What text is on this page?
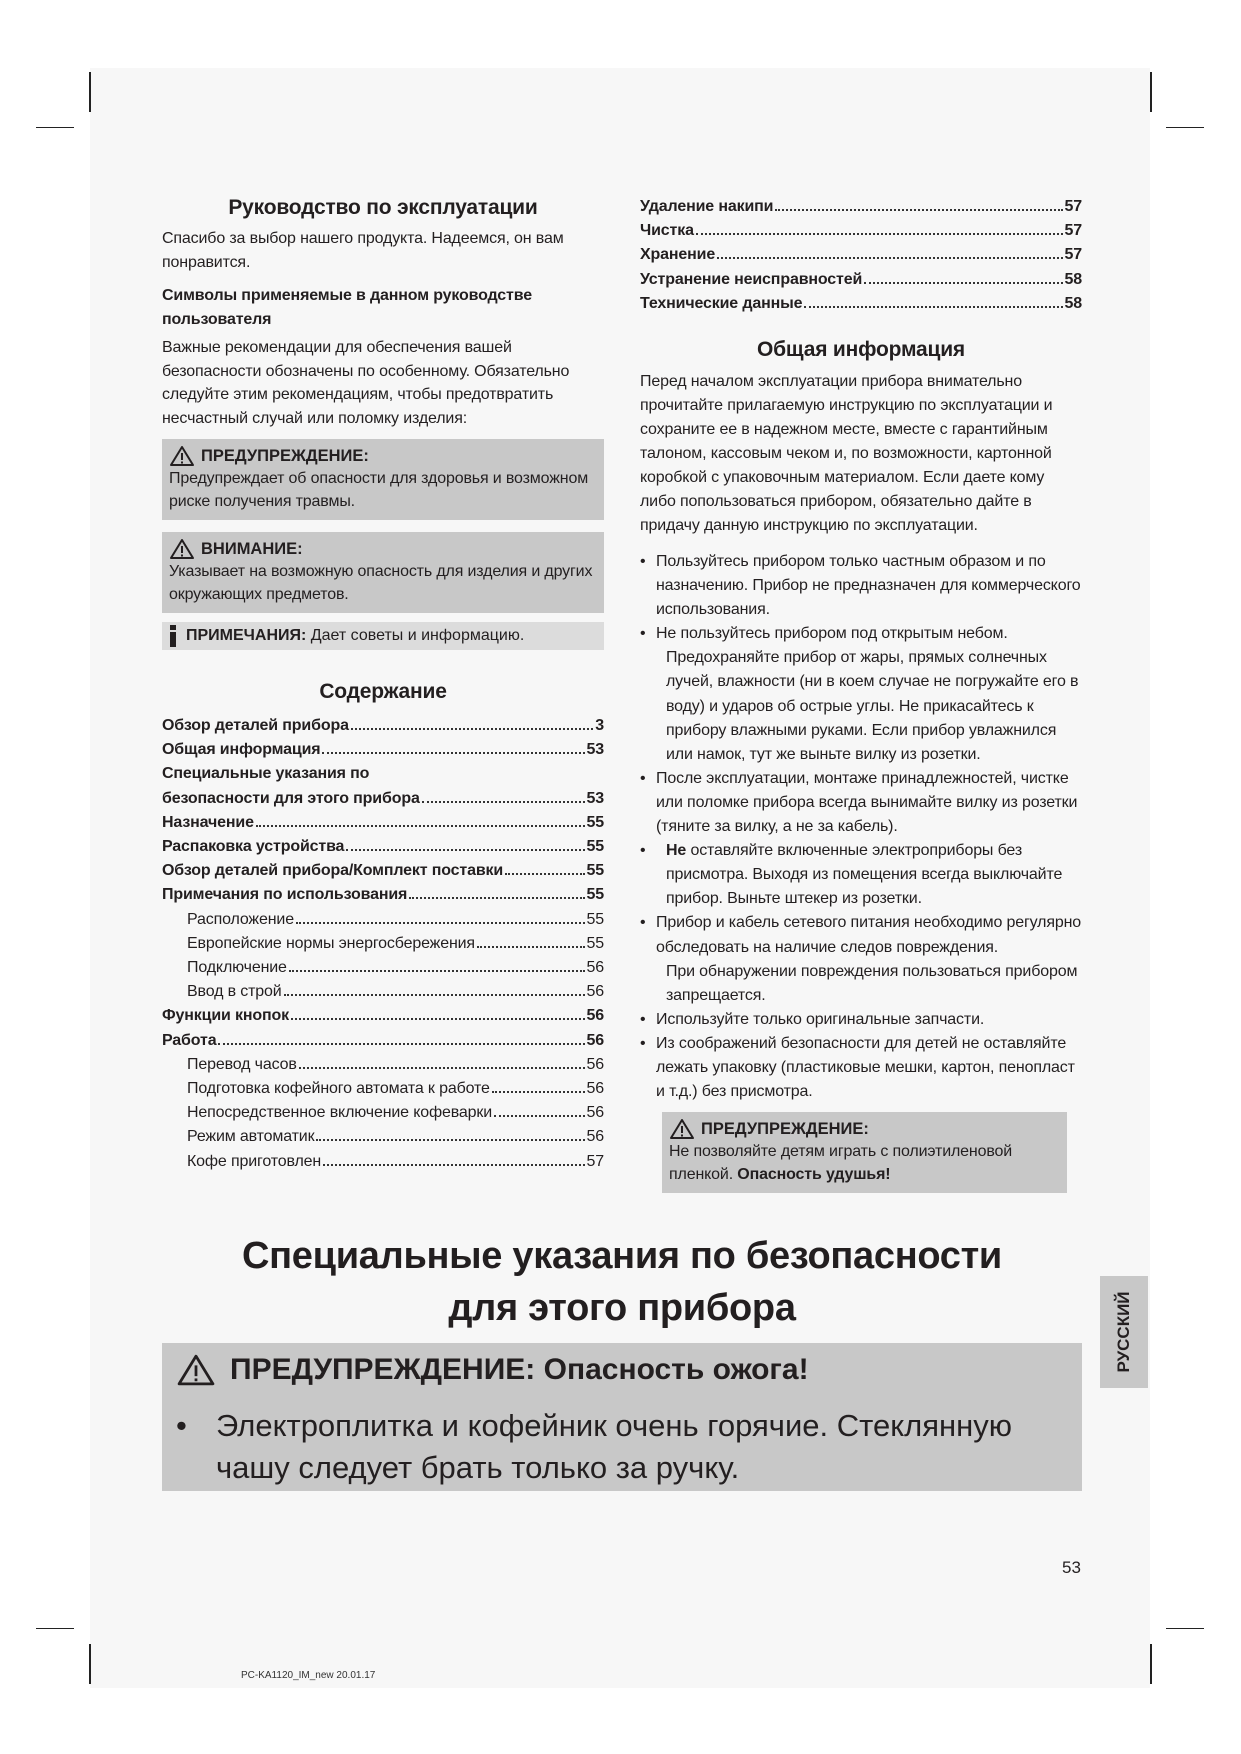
Руководство по эксплуатации

Спасибо за выбор нашего продукта. Надеемся, он вам понравится.

Символы применяемые в данном руководстве пользователя

Важные рекомендации для обеспечения вашей безопасности обозначены по особенному. Обязательно следуйте этим рекомендациям, чтобы предотвратить несчастный случай или поломку изделия:

ПРЕДУПРЕЖДЕНИЕ:
Предупреждает об опасности для здоровья и возможном риске получения травмы.
ВНИМАНИЕ:
Указывает на возможную опасность для изделия и других окружающих предметов.
ПРИМЕЧАНИЯ: Дает советы и информацию.
Содержание
Обзор деталей прибора	3
Общая информация	53
Специальные указания по
безопасности для этого прибора	53
Назначение	55
Распаковка устройства	55
Обзор деталей прибора/Комплект поставки	55
Примечания по использования	55
Расположение	55
Европейские нормы энергосбережения	55
Подключение	56
Ввод в строй	56
Функции кнопок	56
Работа	56
Перевод часов	56
Подготовка кофейного автомата к работе	56
Непосредственное включение кофеварки	56
Режим автоматик	56
Кофе приготовлен	57
Удаление накипи	57
Чистка	57
Хранение	57
Устранение неисправностей	58
Технические данные	58
Общая информация

Перед началом эксплуатации прибора внимательно прочитайте прилагаемую инструкцию по эксплуатации и сохраните ее в надежном месте, вместе с гарантийным талоном, кассовым чеком и, по возможности, картонной коробкой с упаковочным материалом. Если даете кому либо попользоваться прибором, обязательно дайте в придачу данную инструкцию по эксплуатации.

• Пользуйтесь прибором только частным образом и по назначению. Прибор не предназначен для коммерческого использования.
• Не пользуйтесь прибором под открытым небом.
Предохраняйте прибор от жары, прямых солнечных лучей, влажности (ни в коем случае не погружайте его в воду) и ударов об острые углы. Не прикасайтесь к прибору влажными руками. Если прибор увлажнился или намок, тут же выньте вилку из розетки.
• После эксплуатации, монтаже принадлежностей, чистке или поломке прибора всегда вынимайте вилку из розетки (тяните за вилку, а не за кабель).
• Не оставляйте включенные электроприборы без присмотра. Выходя из помещения всегда выключайте прибор. Выньте штекер из розетки.
• Прибор и кабель сетевого питания необходимо регулярно обследовать на наличие следов повреждения.
При обнаружении повреждения пользоваться прибором запрещается.
• Используйте только оригинальные запчасти.
• Из соображений безопасности для детей не оставляйте лежать упаковку (пластиковые мешки, картон, пенопласт и т.д.) без присмотра.
ПРЕДУПРЕЖДЕНИЕ:
Не позволяйте детям играть с полиэтиленовой пленкой. Опасность удушья!
Специальные указания по безопасности
для этого прибора
ПРЕДУПРЕЖДЕНИЕ: Опасность ожога!
• Электроплитка и кофейник очень горячие. Стеклянную чашу следует брать только за ручку.
РУССКИЙ
53
PC-KA1120_IM_new 20.01.17
